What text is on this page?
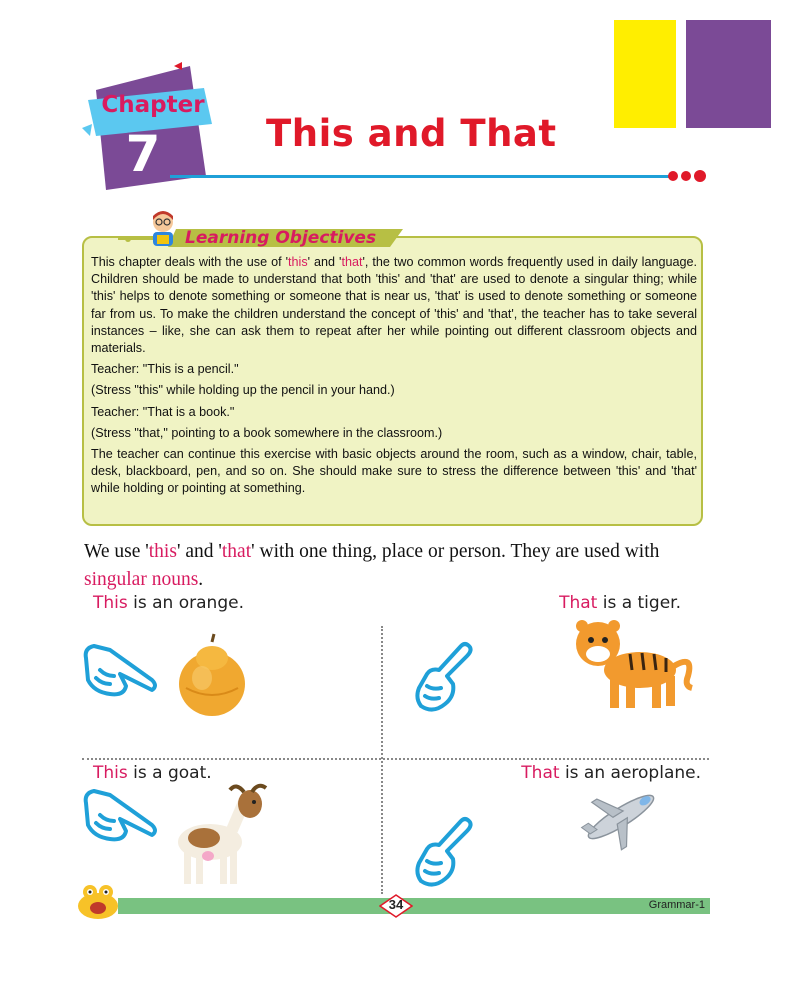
Chapter
7	This and That
Learning Objectives

This chapter deals with the use of 'this' and 'that', the two common words frequently used in daily language. Children should be made to understand that both 'this' and 'that' are used to denote a singular thing; while 'this' helps to denote something or someone that is near us, 'that' is used to denote something or someone far from us. To make the children understand the concept of 'this' and 'that', the teacher has to take several instances – like, she can ask them to repeat after her while pointing out different classroom objects and materials.

Teacher: "This is a pencil."

(Stress "this" while holding up the pencil in your hand.)

Teacher: "That is a book."

(Stress "that," pointing to a book somewhere in the classroom.)

The teacher can continue this exercise with basic objects around the room, such as a window, chair, table, desk, blackboard, pen, and so on. She should make sure to stress the difference between 'this' and 'that' while holding or pointing at something.

We use 'this' and 'that' with one thing, place or person. They are used with singular nouns.
This is an orange.	That is a tiger.
This is a goat.	That is an aeroplane.
34	Grammar-1
